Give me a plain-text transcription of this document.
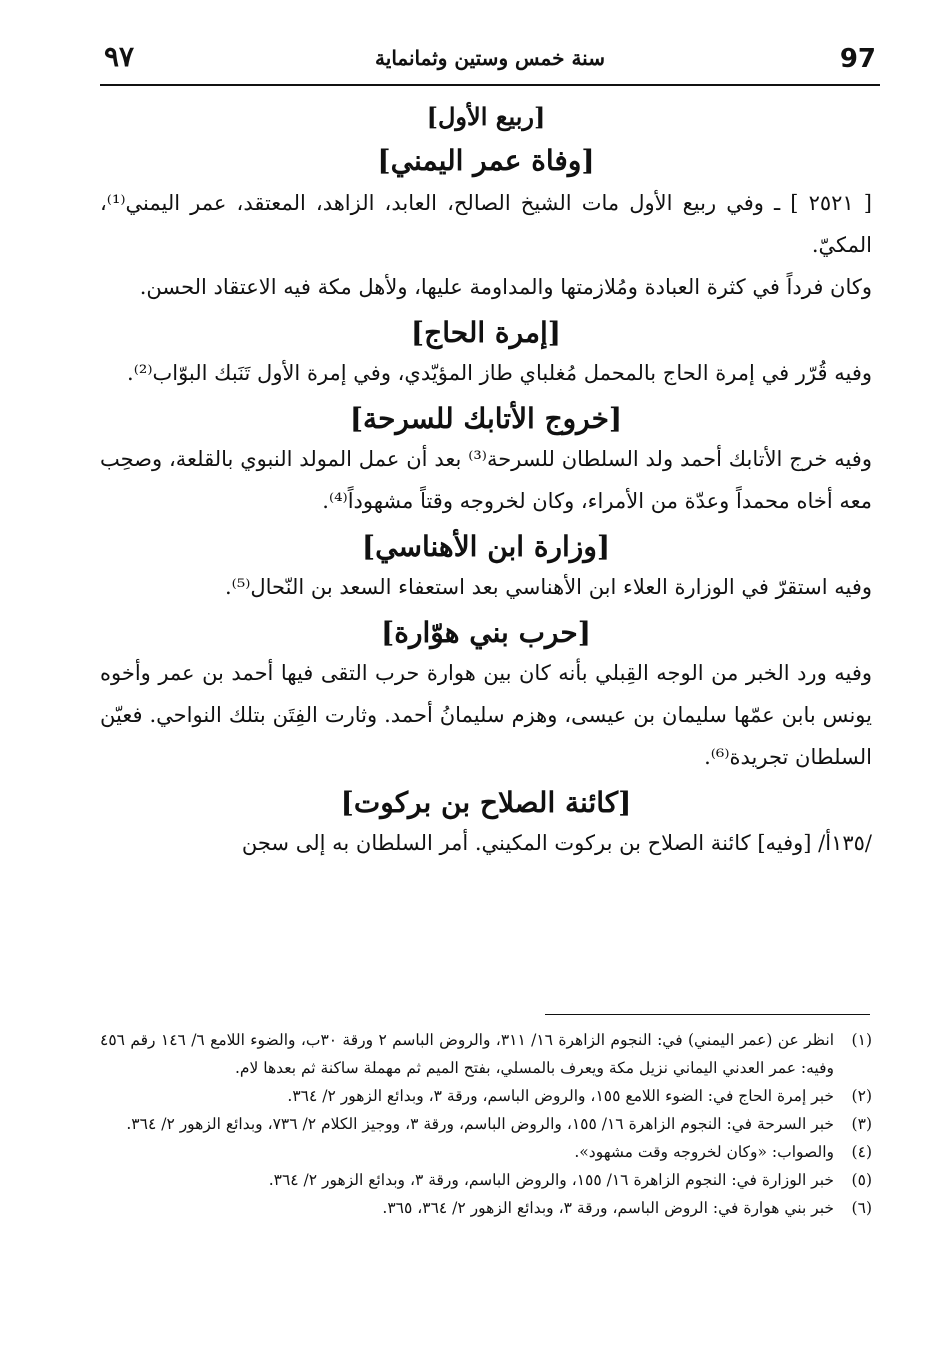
٩٧	سنة خمس وستين وثمانماية	97
[ربيع الأول]
[وفاة عمر اليمني]

[ ٢٥٢١ ] ـ وفي ربيع الأول مات الشيخ الصالح، العابد، الزاهد، المعتقد، عمر اليمني⁽¹⁾، المكيّ.

وكان فرداً في كثرة العبادة ومُلازمتها والمداومة عليها، ولأهل مكة فيه الاعتقاد الحسن.

[إمرة الحاج]

وفيه قُرّر في إمرة الحاج بالمحمل مُغلباي طاز المؤيّدي، وفي إمرة الأول تَنَبك البوّاب⁽²⁾.

[خروج الأتابك للسرحة]

وفيه خرج الأتابك أحمد ولد السلطان للسرحة⁽³⁾ بعد أن عمل المولد النبوي بالقلعة، وصحِب معه أخاه محمداً وعدّة من الأمراء، وكان لخروجه وقتاً مشهوداً⁽⁴⁾.

[وزارة ابن الأهناسي]

وفيه استقرّ في الوزارة العلاء ابن الأهناسي بعد استعفاء السعد بن النّحال⁽⁵⁾.

[حرب بني هوّارة]

وفيه ورد الخبر من الوجه القِبلي بأنه كان بين هوارة حرب التقى فيها أحمد بن عمر وأخوه يونس بابن عمّها سليمان بن عيسى، وهزم سليمانُ أحمد. وثارت الفِتَن بتلك النواحي. فعيّن السلطان تجريدة⁽⁶⁾.

[كائنة الصلاح بن بركوت]

/١٣٥أ/ [وفيه] كائنة الصلاح بن بركوت المكيني. أمر السلطان به إلى سجن

(١)
انظر عن (عمر اليمني) في: النجوم الزاهرة ١٦/ ٣١١، والروض الباسم ٢ ورقة ٣٠ب، والضوء اللامع ٦/ ١٤٦ رقم ٤٥٦ وفيه: عمر العدني اليماني نزيل مكة ويعرف بالمسلي، بفتح الميم ثم مهملة ساكنة ثم بعدها لام.
(٢)
خبر إمرة الحاج في: الضوء اللامع ١٥٥، والروض الباسم، ورقة ٣، وبدائع الزهور ٢/ ٣٦٤.
(٣)
خبر السرحة في: النجوم الزاهرة ١٦/ ١٥٥، والروض الباسم، ورقة ٣، ووجيز الكلام ٢/ ٧٣٦، وبدائع الزهور ٢/ ٣٦٤.
(٤)
والصواب: «وكان لخروجه وقت مشهود».
(٥)
خبر الوزارة في: النجوم الزاهرة ١٦/ ١٥٥، والروض الباسم، ورقة ٣، وبدائع الزهور ٢/ ٣٦٤.
(٦)
خبر بني هوارة في: الروض الباسم، ورقة ٣، وبدائع الزهور ٢/ ٣٦٤، ٣٦٥.
